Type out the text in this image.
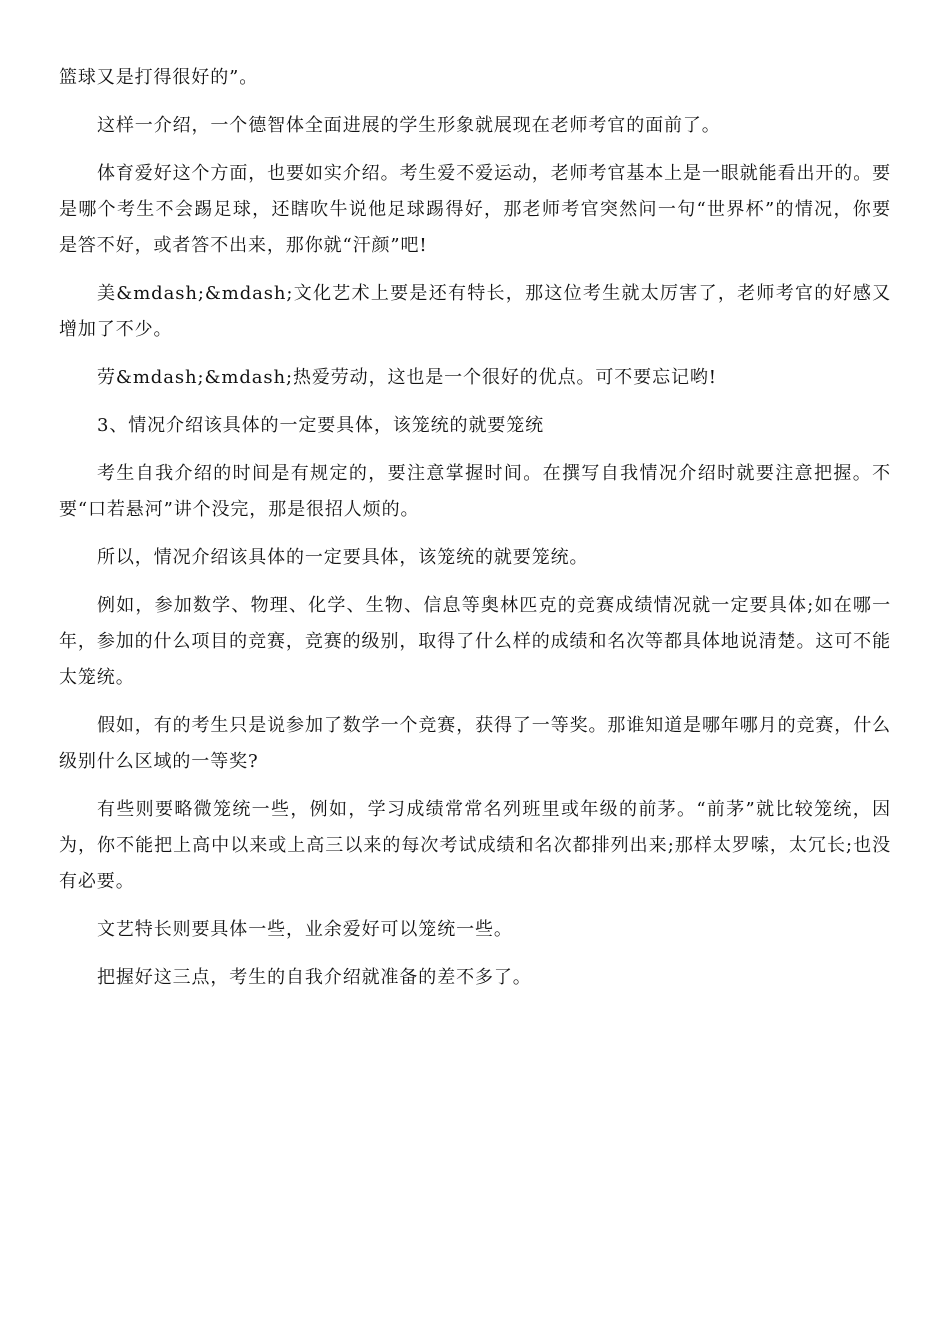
篮球又是打得很好的”。

这样一介绍，一个德智体全面进展的学生形象就展现在老师考官的面前了。

体育爱好这个方面，也要如实介绍。考生爱不爱运动，老师考官基本上是一眼就能看出开的。要是哪个考生不会踢足球，还瞎吹牛说他足球踢得好，那老师考官突然问一句“世界杯”的情况，你要是答不好，或者答不出来，那你就“汗颜”吧!

美&mdash;&mdash;文化艺术上要是还有特长，那这位考生就太厉害了，老师考官的好感又增加了不少。

劳&mdash;&mdash;热爱劳动，这也是一个很好的优点。可不要忘记哟!

3、情况介绍该具体的一定要具体，该笼统的就要笼统

考生自我介绍的时间是有规定的，要注意掌握时间。在撰写自我情况介绍时就要注意把握。不要“口若悬河”讲个没完，那是很招人烦的。

所以，情况介绍该具体的一定要具体，该笼统的就要笼统。

例如，参加数学、物理、化学、生物、信息等奥林匹克的竞赛成绩情况就一定要具体;如在哪一年，参加的什么项目的竞赛，竞赛的级别，取得了什么样的成绩和名次等都具体地说清楚。这可不能太笼统。

假如，有的考生只是说参加了数学一个竞赛，获得了一等奖。那谁知道是哪年哪月的竞赛，什么级别什么区域的一等奖?

有些则要略微笼统一些，例如，学习成绩常常名列班里或年级的前茅。“前茅”就比较笼统，因为，你不能把上高中以来或上高三以来的每次考试成绩和名次都排列出来;那样太罗嗦，太冗长;也没有必要。

文艺特长则要具体一些，业余爱好可以笼统一些。

把握好这三点，考生的自我介绍就准备的差不多了。
